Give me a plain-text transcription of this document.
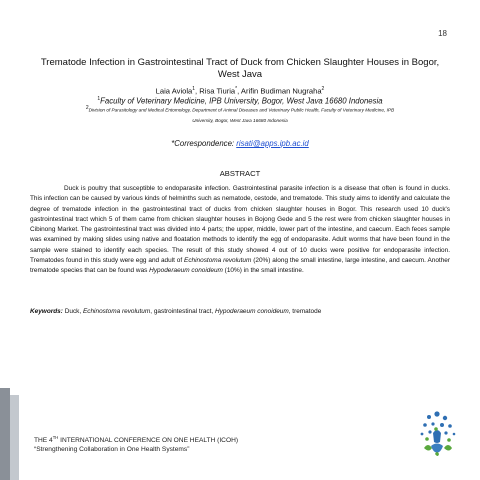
18
Trematode Infection in Gastrointestinal Tract of Duck from Chicken Slaughter Houses in Bogor, West Java
Laia Aviola$^1$, Risa Tiuria*, Arifin Budiman Nugraha$^2$
$^1$Faculty of Veterinary Medicine, IPB University, Bogor, West Java 16680 Indonesia
$^2$Division of Parasitology and Medical Entomology, Department of Animal Diseases and Veterinary Public Health, Faculty of Veterinary Medicine, IPB
University, Bogor, West Java 16680 Indonesia
*Correspondence: risati@apps.ipb.ac.id
ABSTRACT
Duck is poultry that susceptible to endoparasite infection. Gastrointestinal parasite infection is a disease that often is found in ducks. This infection can be caused by various kinds of helminths such as nematode, cestode, and trematode. This study aims to identify and calculate the degree of trematode infection in the gastrointestinal tract of ducks from chicken slaughter houses in Bogor. This research used 10 duck's gastrointestinal tract which 5 of them came from chicken slaughter houses in Bojong Gede and 5 the rest were from chicken slaughter houses in Cibinong Market. The gastrointestinal tract was divided into 4 parts; the upper, middle, lower part of the intestine, and caecum. Each feces sample was examined by making slides using native and floatation methods to identify the egg of endoparasite. Adult worms that have been found in the sample were stained to identify each species. The result of this study showed 4 out of 10 ducks were positive for endoparasite infection. Trematodes found in this study were egg and adult of Echinostoma revolutum (20%) along the small intestine, large intestine, and caecum. Another trematode species that can be found was Hypoderaeum conoideum (10%) in the small intestine.
Keywords: Duck, Echinostoma revolutum, gastrointestinal tract, Hypoderaeum conoideum, trematode
THE 4TH INTERNATIONAL CONFERENCE ON ONE HEALTH (ICOH)
“Strengthening Collaboration in One Health Systems”
